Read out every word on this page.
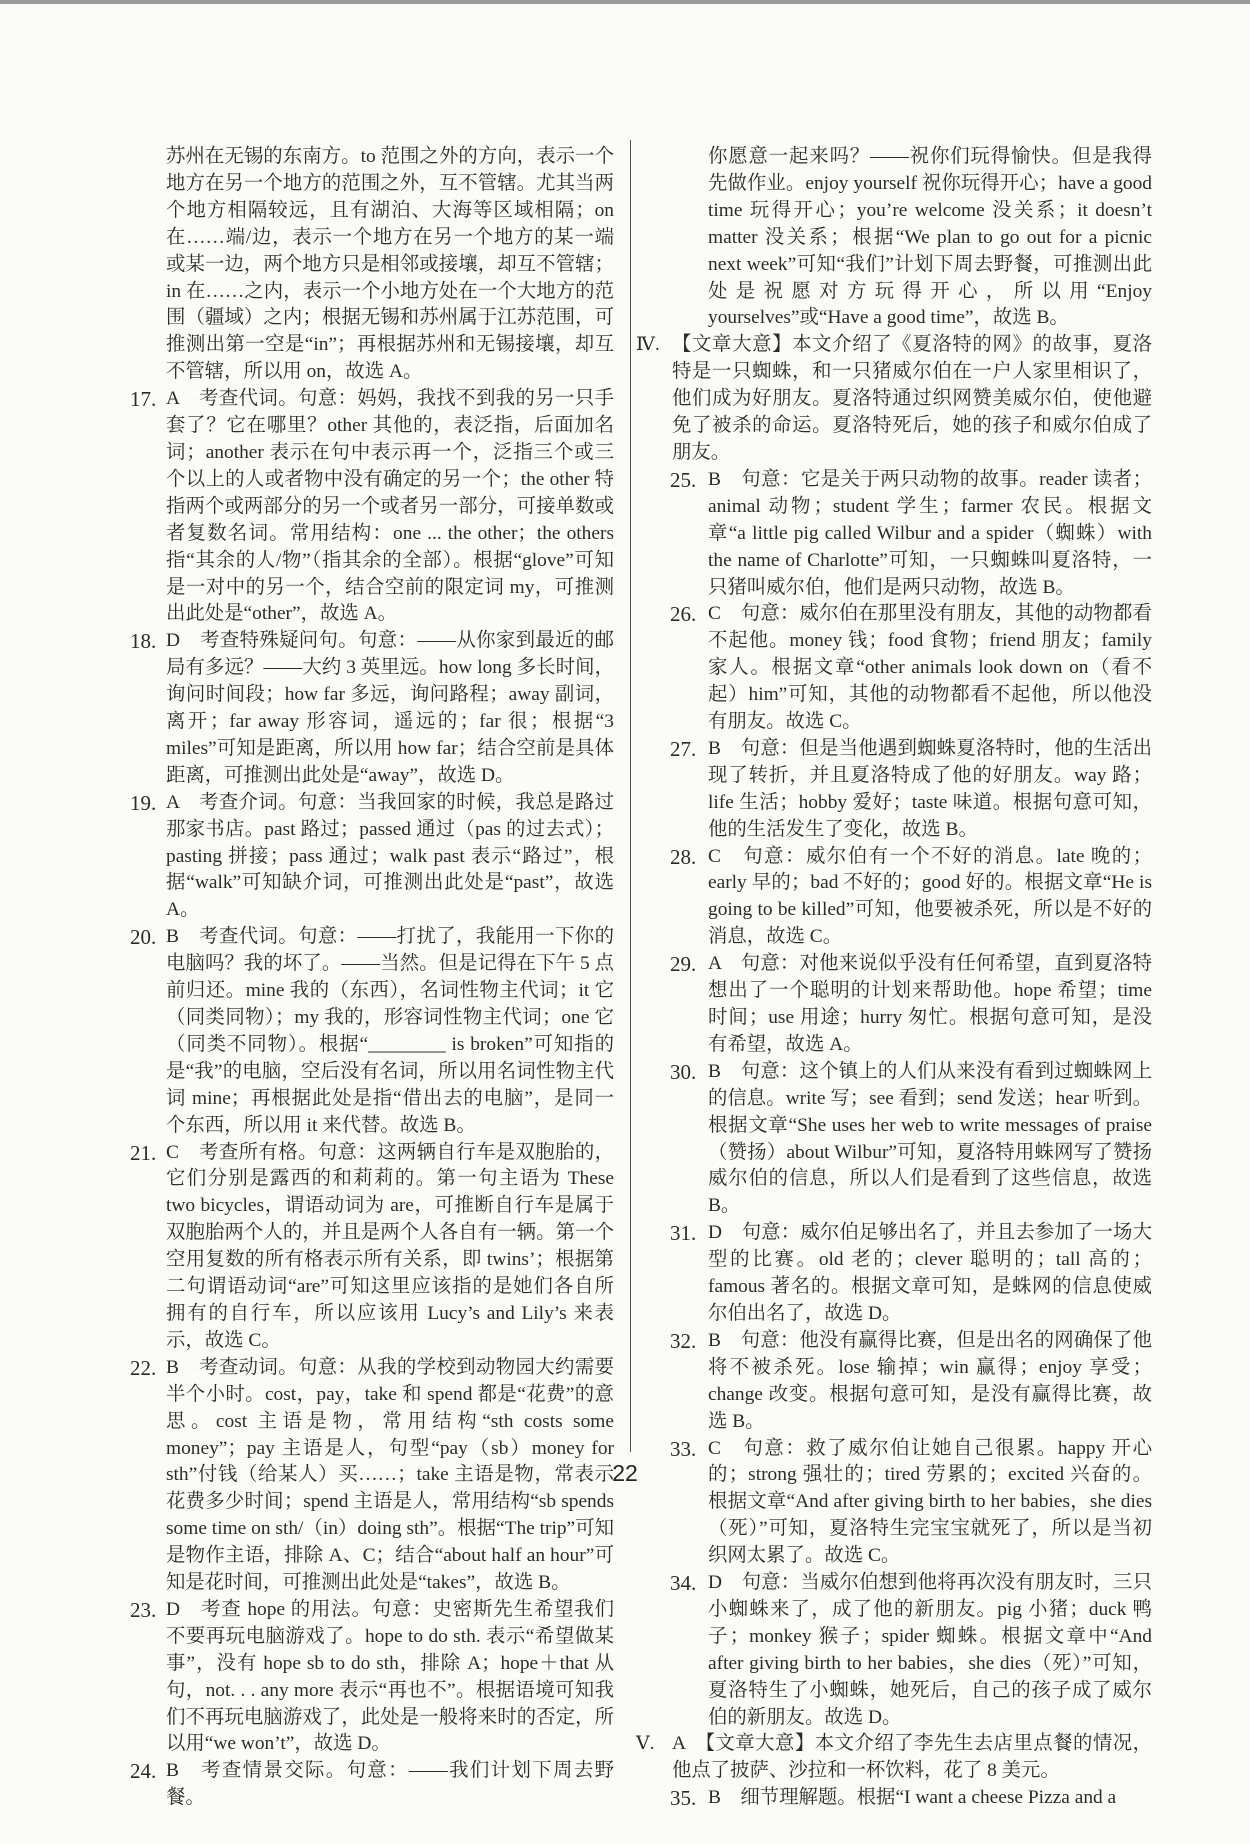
苏州在无锡的东南方。to 范围之外的方向，表示一个地方在另一个地方的范围之外，互不管辖。尤其当两个地方相隔较远，且有湖泊、大海等区域相隔；on 在……端/边，表示一个地方在另一个地方的某一端或某一边，两个地方只是相邻或接壤，却互不管辖；in 在……之内，表示一个小地方处在一个大地方的范围（疆域）之内；根据无锡和苏州属于江苏范围，可推测出第一空是“in”；再根据苏州和无锡接壤，却互不管辖，所以用 on，故选 A。
17. A　考查代词。句意：妈妈，我找不到我的另一只手套了？它在哪里？other 其他的，表泛指，后面加名词；another 表示在句中表示再一个，泛指三个或三个以上的人或者物中没有确定的另一个；the other 特指两个或两部分的另一个或者另一部分，可接单数或者复数名词。常用结构：one ... the other；the others 指“其余的人/物”（指其余的全部）。根据“glove”可知是一对中的另一个，结合空前的限定词 my，可推测出此处是“other”，故选 A。
18. D　考查特殊疑问句。句意：——从你家到最近的邮局有多远？——大约 3 英里远。how long 多长时间，询问时间段；how far 多远，询问路程；away 副词，离开；far away 形容词，遥远的；far 很；根据“3 miles”可知是距离，所以用 how far；结合空前是具体距离，可推测出此处是“away”，故选 D。
19. A　考查介词。句意：当我回家的时候，我总是路过那家书店。past 路过；passed 通过（pas 的过去式）；pasting 拼接；pass 通过；walk past 表示“路过”，根据“walk”可知缺介词，可推测出此处是“past”，故选 A。
20. B　考查代词。句意：——打扰了，我能用一下你的电脑吗？我的坏了。——当然。但是记得在下午 5 点前归还。mine 我的（东西），名词性物主代词；it 它（同类同物）；my 我的，形容词性物主代词；one 它（同类不同物）。根据“________ is broken”可知指的是“我”的电脑，空后没有名词，所以用名词性物主代词 mine；再根据此处是指“借出去的电脑”，是同一个东西，所以用 it 来代替。故选 B。
21. C　考查所有格。句意：这两辆自行车是双胞胎的，它们分别是露西的和莉莉的。第一句主语为 These two bicycles，谓语动词为 are，可推断自行车是属于双胞胎两个人的，并且是两个人各自有一辆。第一个空用复数的所有格表示所有关系，即 twins’；根据第二句谓语动词“are”可知这里应该指的是她们各自所拥有的自行车，所以应该用 Lucy’s and Lily’s 来表示，故选 C。
22. B　考查动词。句意：从我的学校到动物园大约需要半个小时。cost，pay，take 和 spend 都是“花费”的意思。cost 主语是物，常用结构“sth costs some money”；pay 主语是人，句型“pay（sb）money for sth”付钱（给某人）买……；take 主语是物，常表示花费多少时间；spend 主语是人，常用结构“sb spends some time on sth/（in）doing sth”。根据“The trip”可知是物作主语，排除 A、C；结合“about half an hour”可知是花时间，可推测出此处是“takes”，故选 B。
23. D　考查 hope 的用法。句意：史密斯先生希望我们不要再玩电脑游戏了。hope to do sth. 表示“希望做某事”，没有 hope sb to do sth，排除 A；hope＋that 从句，not. . . any more 表示“再也不”。根据语境可知我们不再玩电脑游戏了，此处是一般将来时的否定，所以用“we won’t”，故选 D。
24. B　考查情景交际。句意：——我们计划下周去野餐。
你愿意一起来吗？——祝你们玩得愉快。但是我得先做作业。enjoy yourself 祝你玩得开心；have a good time 玩得开心；you’re welcome 没关系；it doesn’t matter 没关系；根据“We plan to go out for a picnic next week”可知“我们”计划下周去野餐，可推测出此处是祝愿对方玩得开心，所以用“Enjoy yourselves”或“Have a good time”，故选 B。
Ⅳ. 【文章大意】本文介绍了《夏洛特的网》的故事，夏洛特是一只蜘蛛，和一只猪威尔伯在一户人家里相识了，他们成为好朋友。夏洛特通过织网赞美威尔伯，使他避免了被杀的命运。夏洛特死后，她的孩子和威尔伯成了朋友。
25. B　句意：它是关于两只动物的故事。reader 读者；animal 动物；student 学生；farmer 农民。根据文章“a little pig called Wilbur and a spider（蜘蛛）with the name of Charlotte”可知，一只蜘蛛叫夏洛特，一只猪叫威尔伯，他们是两只动物，故选 B。
26. C　句意：威尔伯在那里没有朋友，其他的动物都看不起他。money 钱；food 食物；friend 朋友；family 家人。根据文章“other animals look down on（看不起）him”可知，其他的动物都看不起他，所以他没有朋友。故选 C。
27. B　句意：但是当他遇到蜘蛛夏洛特时，他的生活出现了转折，并且夏洛特成了他的好朋友。way 路；life 生活；hobby 爱好；taste 味道。根据句意可知，他的生活发生了变化，故选 B。
28. C　句意：威尔伯有一个不好的消息。late 晚的；early 早的；bad 不好的；good 好的。根据文章“He is going to be killed”可知，他要被杀死，所以是不好的消息，故选 C。
29. A　句意：对他来说似乎没有任何希望，直到夏洛特想出了一个聪明的计划来帮助他。hope 希望；time 时间；use 用途；hurry 匆忙。根据句意可知，是没有希望，故选 A。
30. B　句意：这个镇上的人们从来没有看到过蜘蛛网上的信息。write 写；see 看到；send 发送；hear 听到。根据文章“She uses her web to write messages of praise（赞扬）about Wilbur”可知，夏洛特用蛛网写了赞扬威尔伯的信息，所以人们是看到了这些信息，故选 B。
31. D　句意：威尔伯足够出名了，并且去参加了一场大型的比赛。old 老的；clever 聪明的；tall 高的；famous 著名的。根据文章可知，是蛛网的信息使威尔伯出名了，故选 D。
32. B　句意：他没有赢得比赛，但是出名的网确保了他将不被杀死。lose 输掉；win 赢得；enjoy 享受；change 改变。根据句意可知，是没有赢得比赛，故选 B。
33. C　句意：救了威尔伯让她自己很累。happy 开心的；strong 强壮的；tired 劳累的；excited 兴奋的。根据文章“And after giving birth to her babies，she dies（死）”可知，夏洛特生完宝宝就死了，所以是当初织网太累了。故选 C。
34. D　句意：当威尔伯想到他将再次没有朋友时，三只小蜘蛛来了，成了他的新朋友。pig 小猪；duck 鸭子；monkey 猴子；spider 蜘蛛。根据文章中“And after giving birth to her babies，she dies（死）”可知，夏洛特生了小蜘蛛，她死后，自己的孩子成了威尔伯的新朋友。故选 D。
Ⅴ. A　【文章大意】本文介绍了李先生去店里点餐的情况，他点了披萨、沙拉和一杯饮料，花了 8 美元。
35. B　细节理解题。根据“I want a cheese Pizza and a
22
